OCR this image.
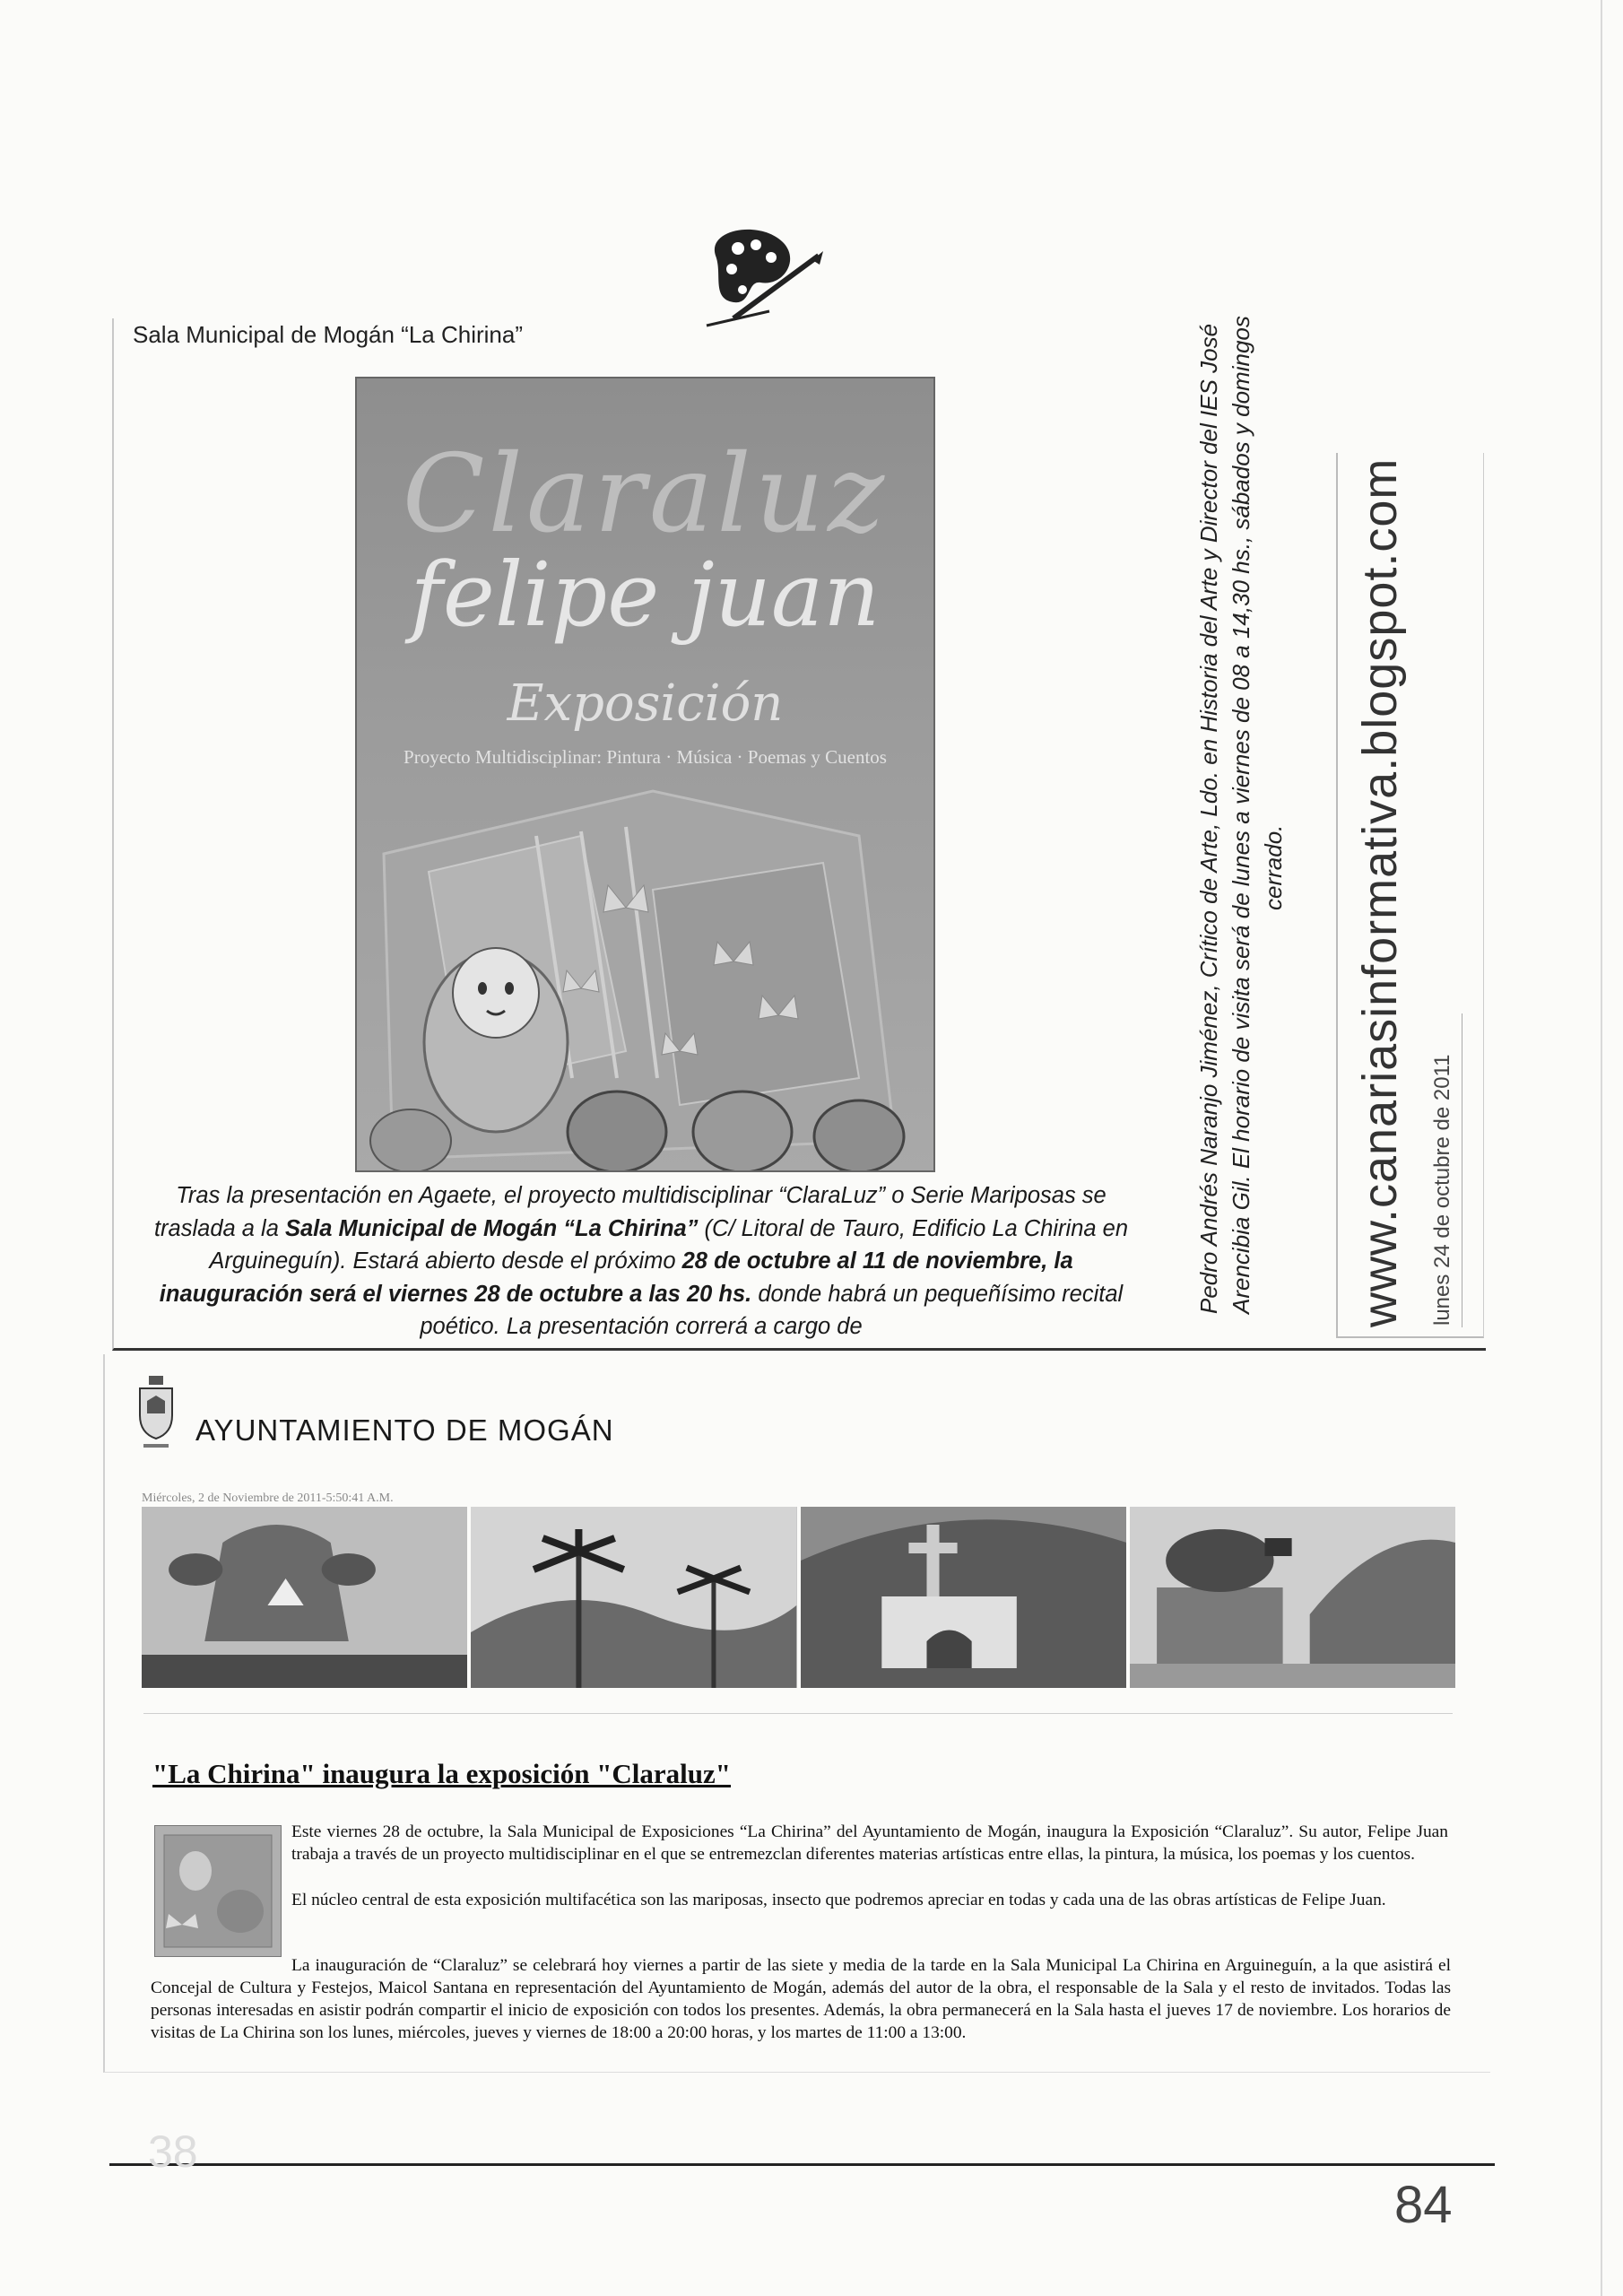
Sala Municipal de Mogán “La Chirina”
Claraluz
felipe juan
Exposición
Proyecto Multidisciplinar: Pintura · Música · Poemas y Cuentos
Tras la presentación en Agaete, el proyecto multidisciplinar “ClaraLuz” o Serie Mariposas se traslada a la Sala Municipal de Mogán “La Chirina” (C/ Litoral de Tauro, Edificio La Chirina en Arguineguín). Estará abierto desde el próximo 28 de octubre al 11 de noviembre, la inauguración será el viernes 28 de octubre a las 20 hs. donde habrá un pequeñísimo recital poético. La presentación correrá a cargo de
Pedro Andrés Naranjo Jiménez, Crítico de Arte, Ldo. en Historia del Arte y Director del IES José Arencibia Gil. El horario de visita será de lunes a viernes de 08 a 14,30 hs., sábados y domingos cerrado. www.canariasinformativa.blogspot.com lunes 24 de octubre de 2011
AYUNTAMIENTO DE MOGÁN
Miércoles, 2 de Noviembre de 2011-5:50:41 A.M.
"La Chirina" inaugura la exposición "Claraluz"
Este viernes 28 de octubre, la Sala Municipal de Exposiciones “La Chirina” del Ayuntamiento de Mogán, inaugura la Exposición “Claraluz”. Su autor, Felipe Juan trabaja a través de un proyecto multidisciplinar en el que se entremezclan diferentes materias artísticas entre ellas, la pintura, la música, los poemas y los cuentos.
El núcleo central de esta exposición multifacética son las mariposas, insecto que podremos apreciar en todas y cada una de las obras artísticas de Felipe Juan.
La inauguración de “Claraluz” se celebrará hoy viernes a partir de las siete y media de la tarde en la Sala Municipal La Chirina en Arguineguín, a la que asistirá el Concejal de Cultura y Festejos, Maicol Santana en representación del Ayuntamiento de Mogán, además del autor de la obra, el responsable de la Sala y el resto de invitados. Todas las personas interesadas en asistir podrán compartir el inicio de exposición con todos los presentes. Además, la obra permanecerá en la Sala hasta el jueves 17 de noviembre. Los horarios de visitas de La Chirina son los lunes, miércoles, jueves y viernes de 18:00 a 20:00 horas, y los martes de 11:00 a 13:00.
38
84
